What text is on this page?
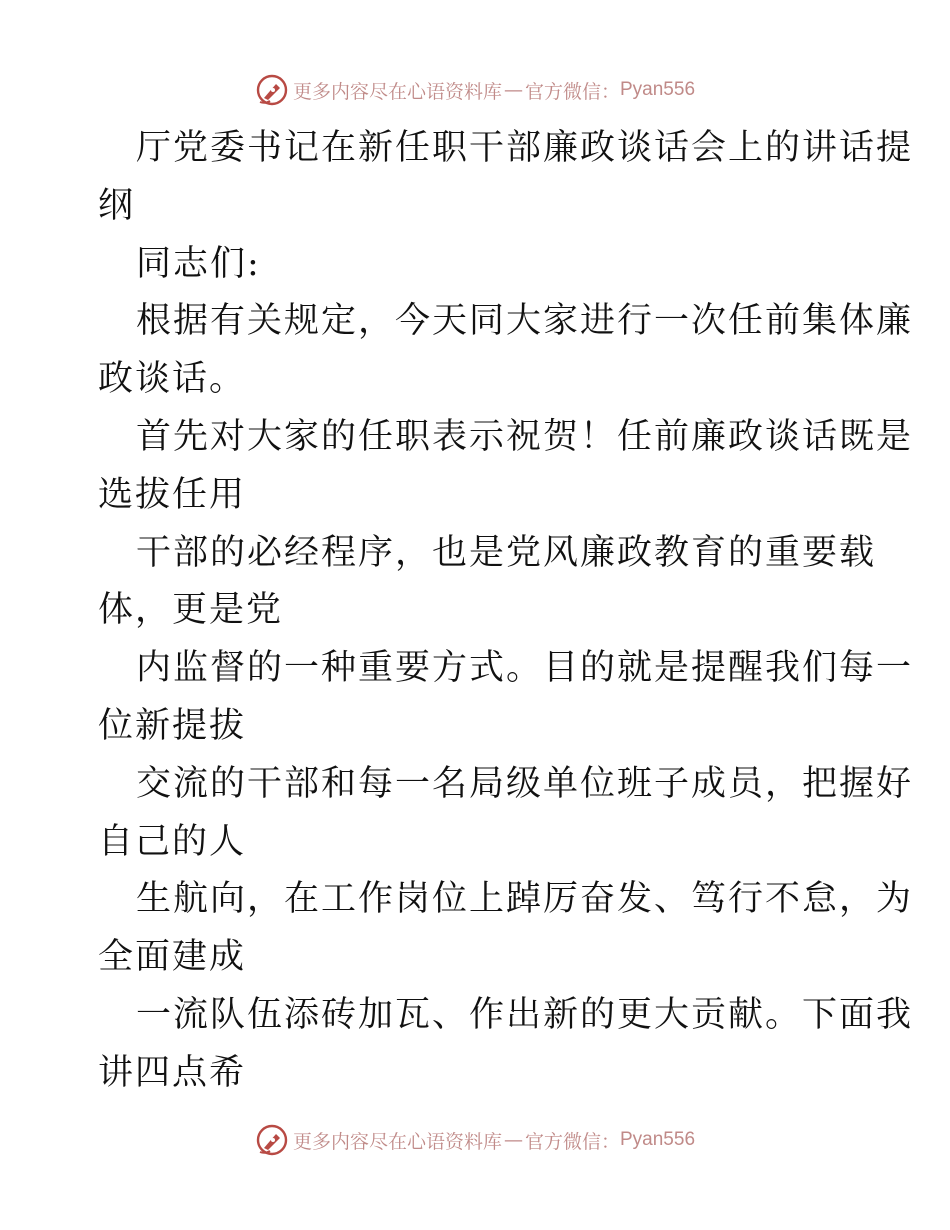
更多内容尽在心语资料库 — 官方微信： Pyan556
厅党委书记在新任职干部廉政谈话会上的讲话提
纲
同志们:
根据有关规定，今天同大家进行一次任前集体廉
政谈话。
首先对大家的任职表示祝贺！任前廉政谈话既是
选拔任用
干部的必经程序，也是党风廉政教育的重要载
体，更是党
内监督的一种重要方式。目的就是提醒我们每一
位新提拔
交流的干部和每一名局级单位班子成员，把握好
自己的人
生航向，在工作岗位上踔厉奋发、笃行不怠，为
全面建成
一流队伍添砖加瓦、作出新的更大贡献。下面我
讲四点希
更多内容尽在心语资料库 — 官方微信： Pyan556
